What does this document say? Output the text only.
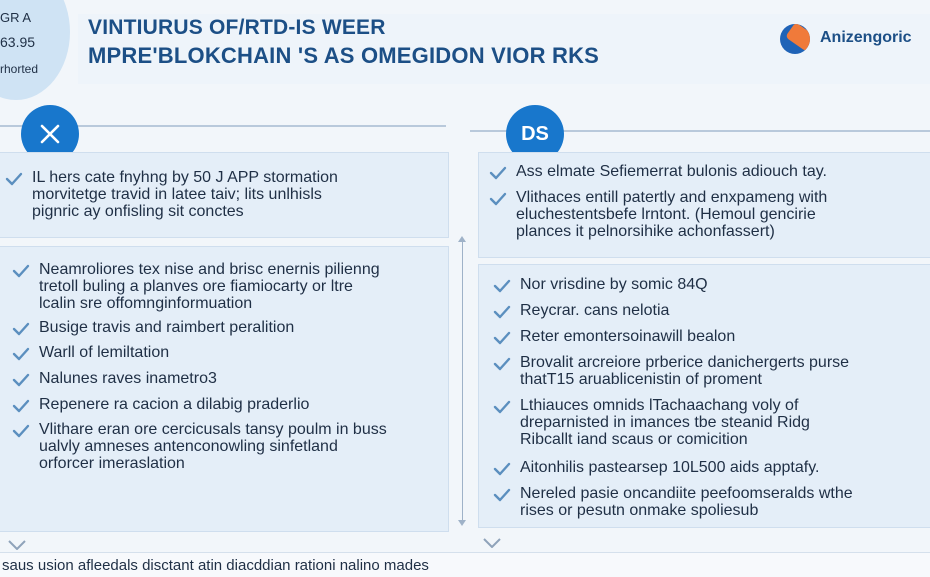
GR A
63.95
rhorted
VINTIURUS OF/RTD-IS WEER
MPRE'BLOKCHAIN 'S AS OMEGIDON VIOR RKS
Anizengoric
DS
IL hers cate fnyhng by 50 J APP stormation
morvitetge travid in latee taiv; lits unlhisls
pignric ay onfisling sit conctes
Neamroliores tex nise and brisc enernis pilienng
tretoll buling a planves ore fiamiocarty or ltre
lcalin sre offomnginformuation
Busige travis and raimbert peralition
Warll of lemiltation
Nalunes raves inametro3
Repenere ra cacion a dilabig praderlio
Vlithare eran ore cercicusals tansy poulm in buss
ualvly amneses antenconowling sinfetland
orforcer imeraslation
Ass elmate Sefiemerrat bulonis adiouch tay.
Vlithaces entill patertly and enxpameng with
eluchestentsbefe lrntont. (Hemoul gencirie
plances it pelnorsihike achonfassert)
Nor vrisdine by somic 84Q
Reycrar. cans nelotia
Reter emontersoinawill bealon
Brovalit arcreiore prberice danichergerts purse
thatT15 aruablicenistin of proment
Lthiauces omnids lTachaachang voly of
dreparnisted in imances tbe steanid Ridg
Ribcallt iand scaus or comicition
Aitonhilis pastearsep 10L500 aids apptafy.
Nereled pasie oncandiite peefoomseralds wthe
rises or pesutn onmake spoliesub
saus usion afleedals disctant atin diacddian rationi nalino mades
